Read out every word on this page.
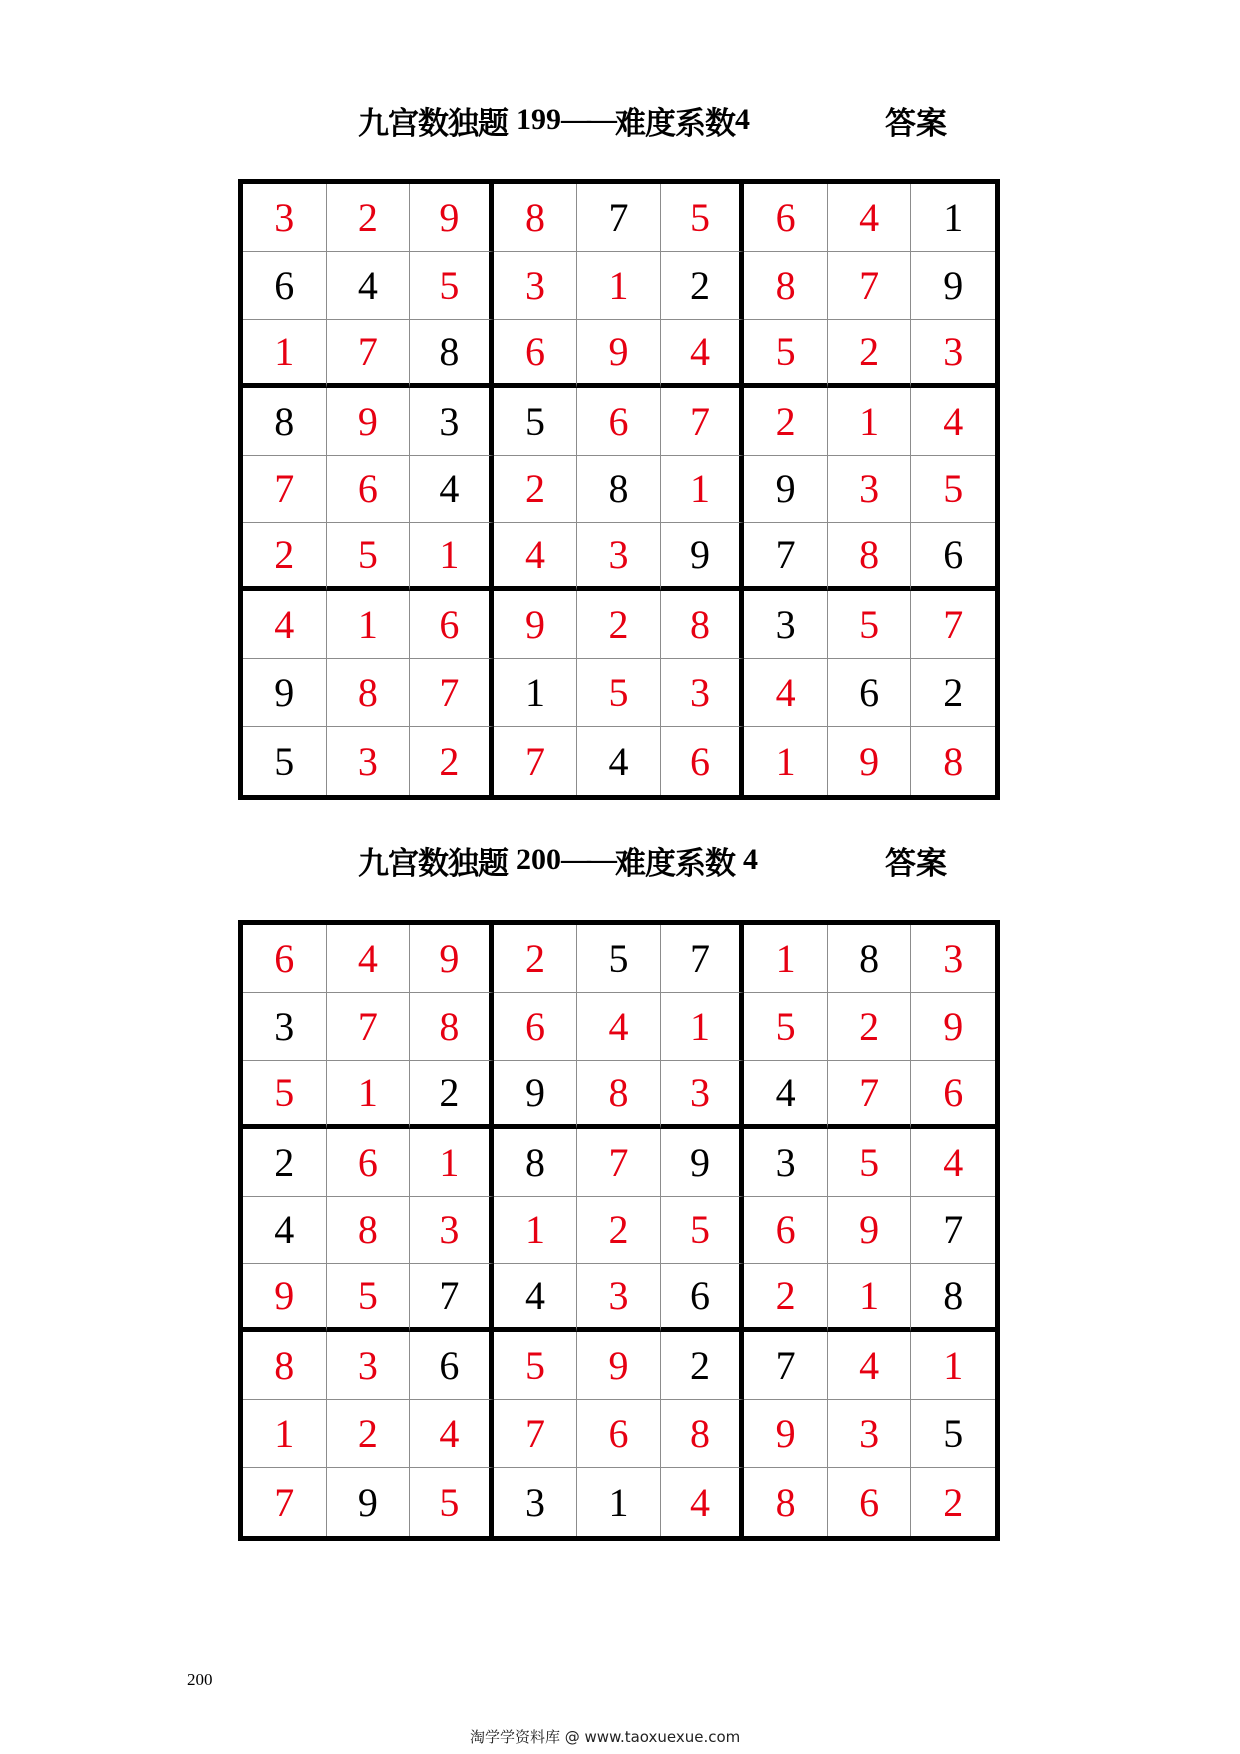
九宫数独题 199 —— 难度系数 4	答案
3	2	9	8	7	5	6	4	1
6	4	5	3	1	2	8	7	9
1	7	8	6	9	4	5	2	3
8	9	3	5	6	7	2	1	4
7	6	4	2	8	1	9	3	5
2	5	1	4	3	9	7	8	6
4	1	6	9	2	8	3	5	7
9	8	7	1	5	3	4	6	2
5	3	2	7	4	6	1	9	8
九宫数独题 200 —— 难度系数 4	答案
6	4	9	2	5	7	1	8	3
3	7	8	6	4	1	5	2	9
5	1	2	9	8	3	4	7	6
2	6	1	8	7	9	3	5	4
4	8	3	1	2	5	6	9	7
9	5	7	4	3	6	2	1	8
8	3	6	5	9	2	7	4	1
1	2	4	7	6	8	9	3	5
7	9	5	3	1	4	8	6	2
200
淘学学资料库 @ www.taoxuexue.com
